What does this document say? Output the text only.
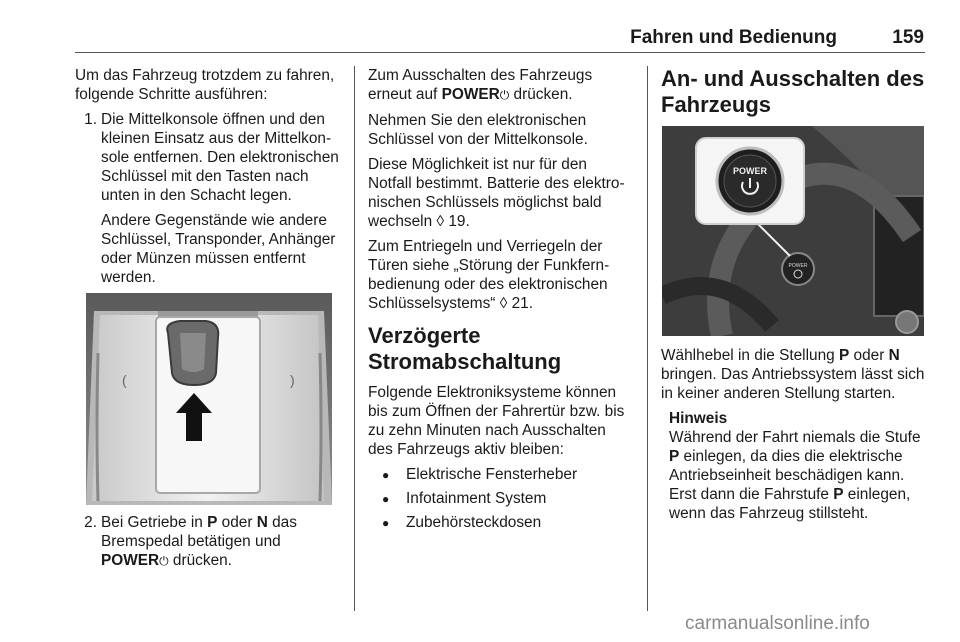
Fahren und Bedienung	159

Um das Fahrzeug trotzdem zu fahren, folgende Schritte ausführen:

1. Die Mittelkonsole öffnen und den kleinen Einsatz aus der Mittelkonsole entfernen. Den elektronischen Schlüssel mit den Tasten nach unten in den Schacht legen.
Andere Gegenstände wie andere Schlüssel, Transponder, Anhänger oder Münzen müssen entfernt werden.
(	)
2. Bei Getriebe in P oder N das Bremspedal betätigen und POWER⏻ drücken.

Zum Ausschalten des Fahrzeugs erneut auf POWER⏻ drücken.

Nehmen Sie den elektronischen Schlüssel von der Mittelkonsole.

Diese Möglichkeit ist nur für den Notfall bestimmt. Batterie des elektronischen Schlüssels möglichst bald wechseln ◊ 19.

Zum Entriegeln und Verriegeln der Türen siehe „Störung der Funkfernbedienung oder des elektronischen Schlüsselsystems“ ◊ 21.

Verzögerte Stromabschaltung

Folgende Elektroniksysteme können bis zum Öffnen der Fahrertür bzw. bis zu zehn Minuten nach Ausschalten des Fahrzeugs aktiv bleiben:

● Elektrische Fensterheber
● Infotainment System
● Zubehörsteckdosen
An- und Ausschalten des Fahrzeugs
POWER
POWER

Wählhebel in die Stellung P oder N bringen. Das Antriebssystem lässt sich in keiner anderen Stellung starten.

Hinweis
Während der Fahrt niemals die Stufe P einlegen, da dies die elektrische Antriebseinheit beschädigen kann. Erst dann die Fahrstufe P einlegen, wenn das Fahrzeug stillsteht.
carmanualsonline.info
